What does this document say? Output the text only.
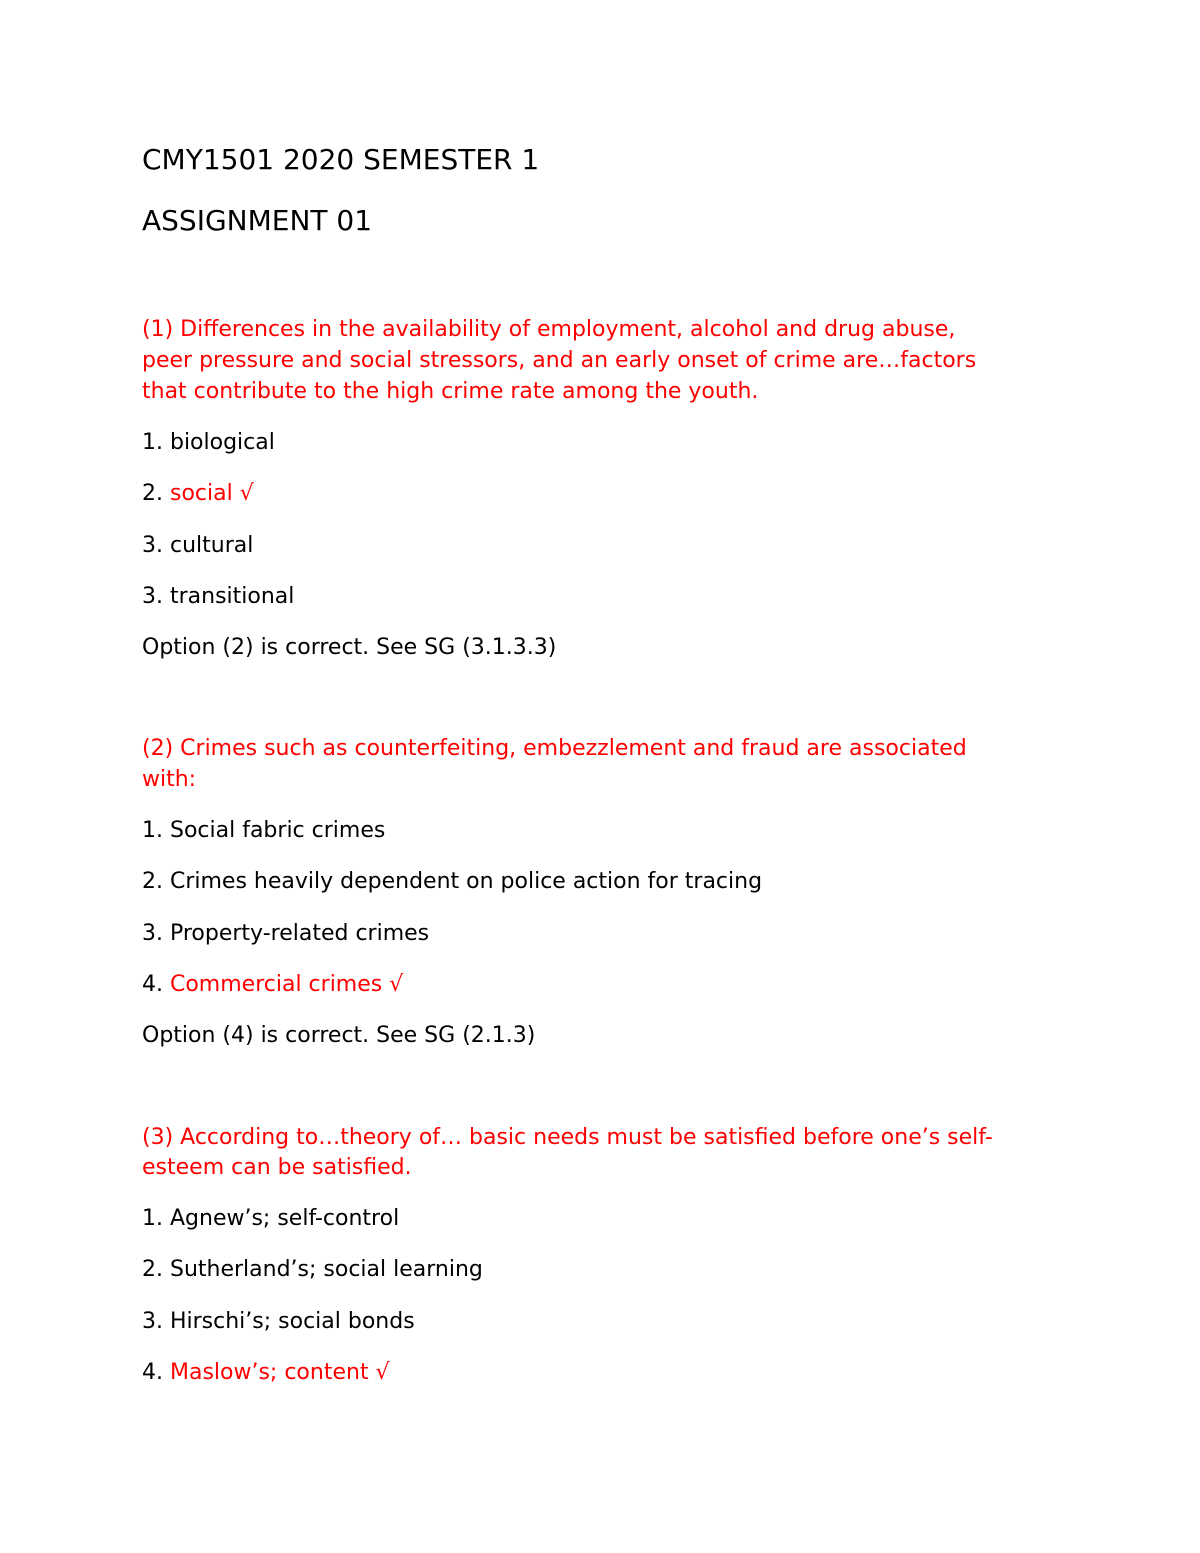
CMY1501 2020 SEMESTER 1

ASSIGNMENT 01

(1) Differences in the availability of employment, alcohol and drug abuse,

peer pressure and social stressors, and an early onset of crime are…factors

that contribute to the high crime rate among the youth.

1. biological

2. social √

3. cultural

3. transitional

Option (2) is correct. See SG (3.1.3.3)

(2) Crimes such as counterfeiting, embezzlement and fraud are associated

with:

1. Social fabric crimes

2. Crimes heavily dependent on police action for tracing

3. Property-related crimes

4. Commercial crimes √

Option (4) is correct. See SG (2.1.3)

(3) According to…theory of… basic needs must be satisfied before one’s self-

esteem can be satisfied.

1. Agnew’s; self-control

2. Sutherland’s; social learning

3. Hirschi’s; social bonds

4. Maslow’s; content √
